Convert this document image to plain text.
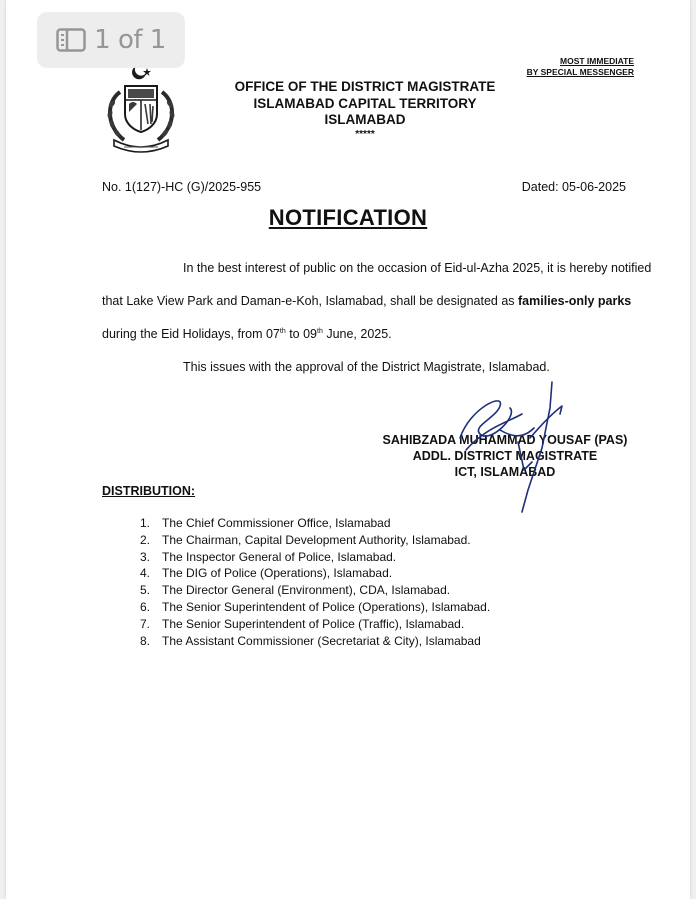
1 of 1
OFFICE OF THE DISTRICT MAGISTRATE
ISLAMABAD CAPITAL TERRITORY
ISLAMABAD
*****
MOST IMMEDIATE
BY SPECIAL MESSENGER
No. 1(127)-HC (G)/2025-955	Dated: 05-06-2025
NOTIFICATION
In the best interest of public on the occasion of Eid-ul-Azha 2025, it is hereby notified
that Lake View Park and Daman-e-Koh, Islamabad, shall be designated as families-only parks
during the Eid Holidays, from 07th to 09th June, 2025.
This issues with the approval of the District Magistrate, Islamabad.
SAHIBZADA MUHAMMAD YOUSAF (PAS)
ADDL. DISTRICT MAGISTRATE
ICT, ISLAMABAD
DISTRIBUTION:
1. The Chief Commissioner Office, Islamabad
2. The Chairman, Capital Development Authority, Islamabad.
3. The Inspector General of Police, Islamabad.
4. The DIG of Police (Operations), Islamabad.
5. The Director General (Environment), CDA, Islamabad.
6. The Senior Superintendent of Police (Operations), Islamabad.
7. The Senior Superintendent of Police (Traffic), Islamabad.
8. The Assistant Commissioner (Secretariat & City), Islamabad
